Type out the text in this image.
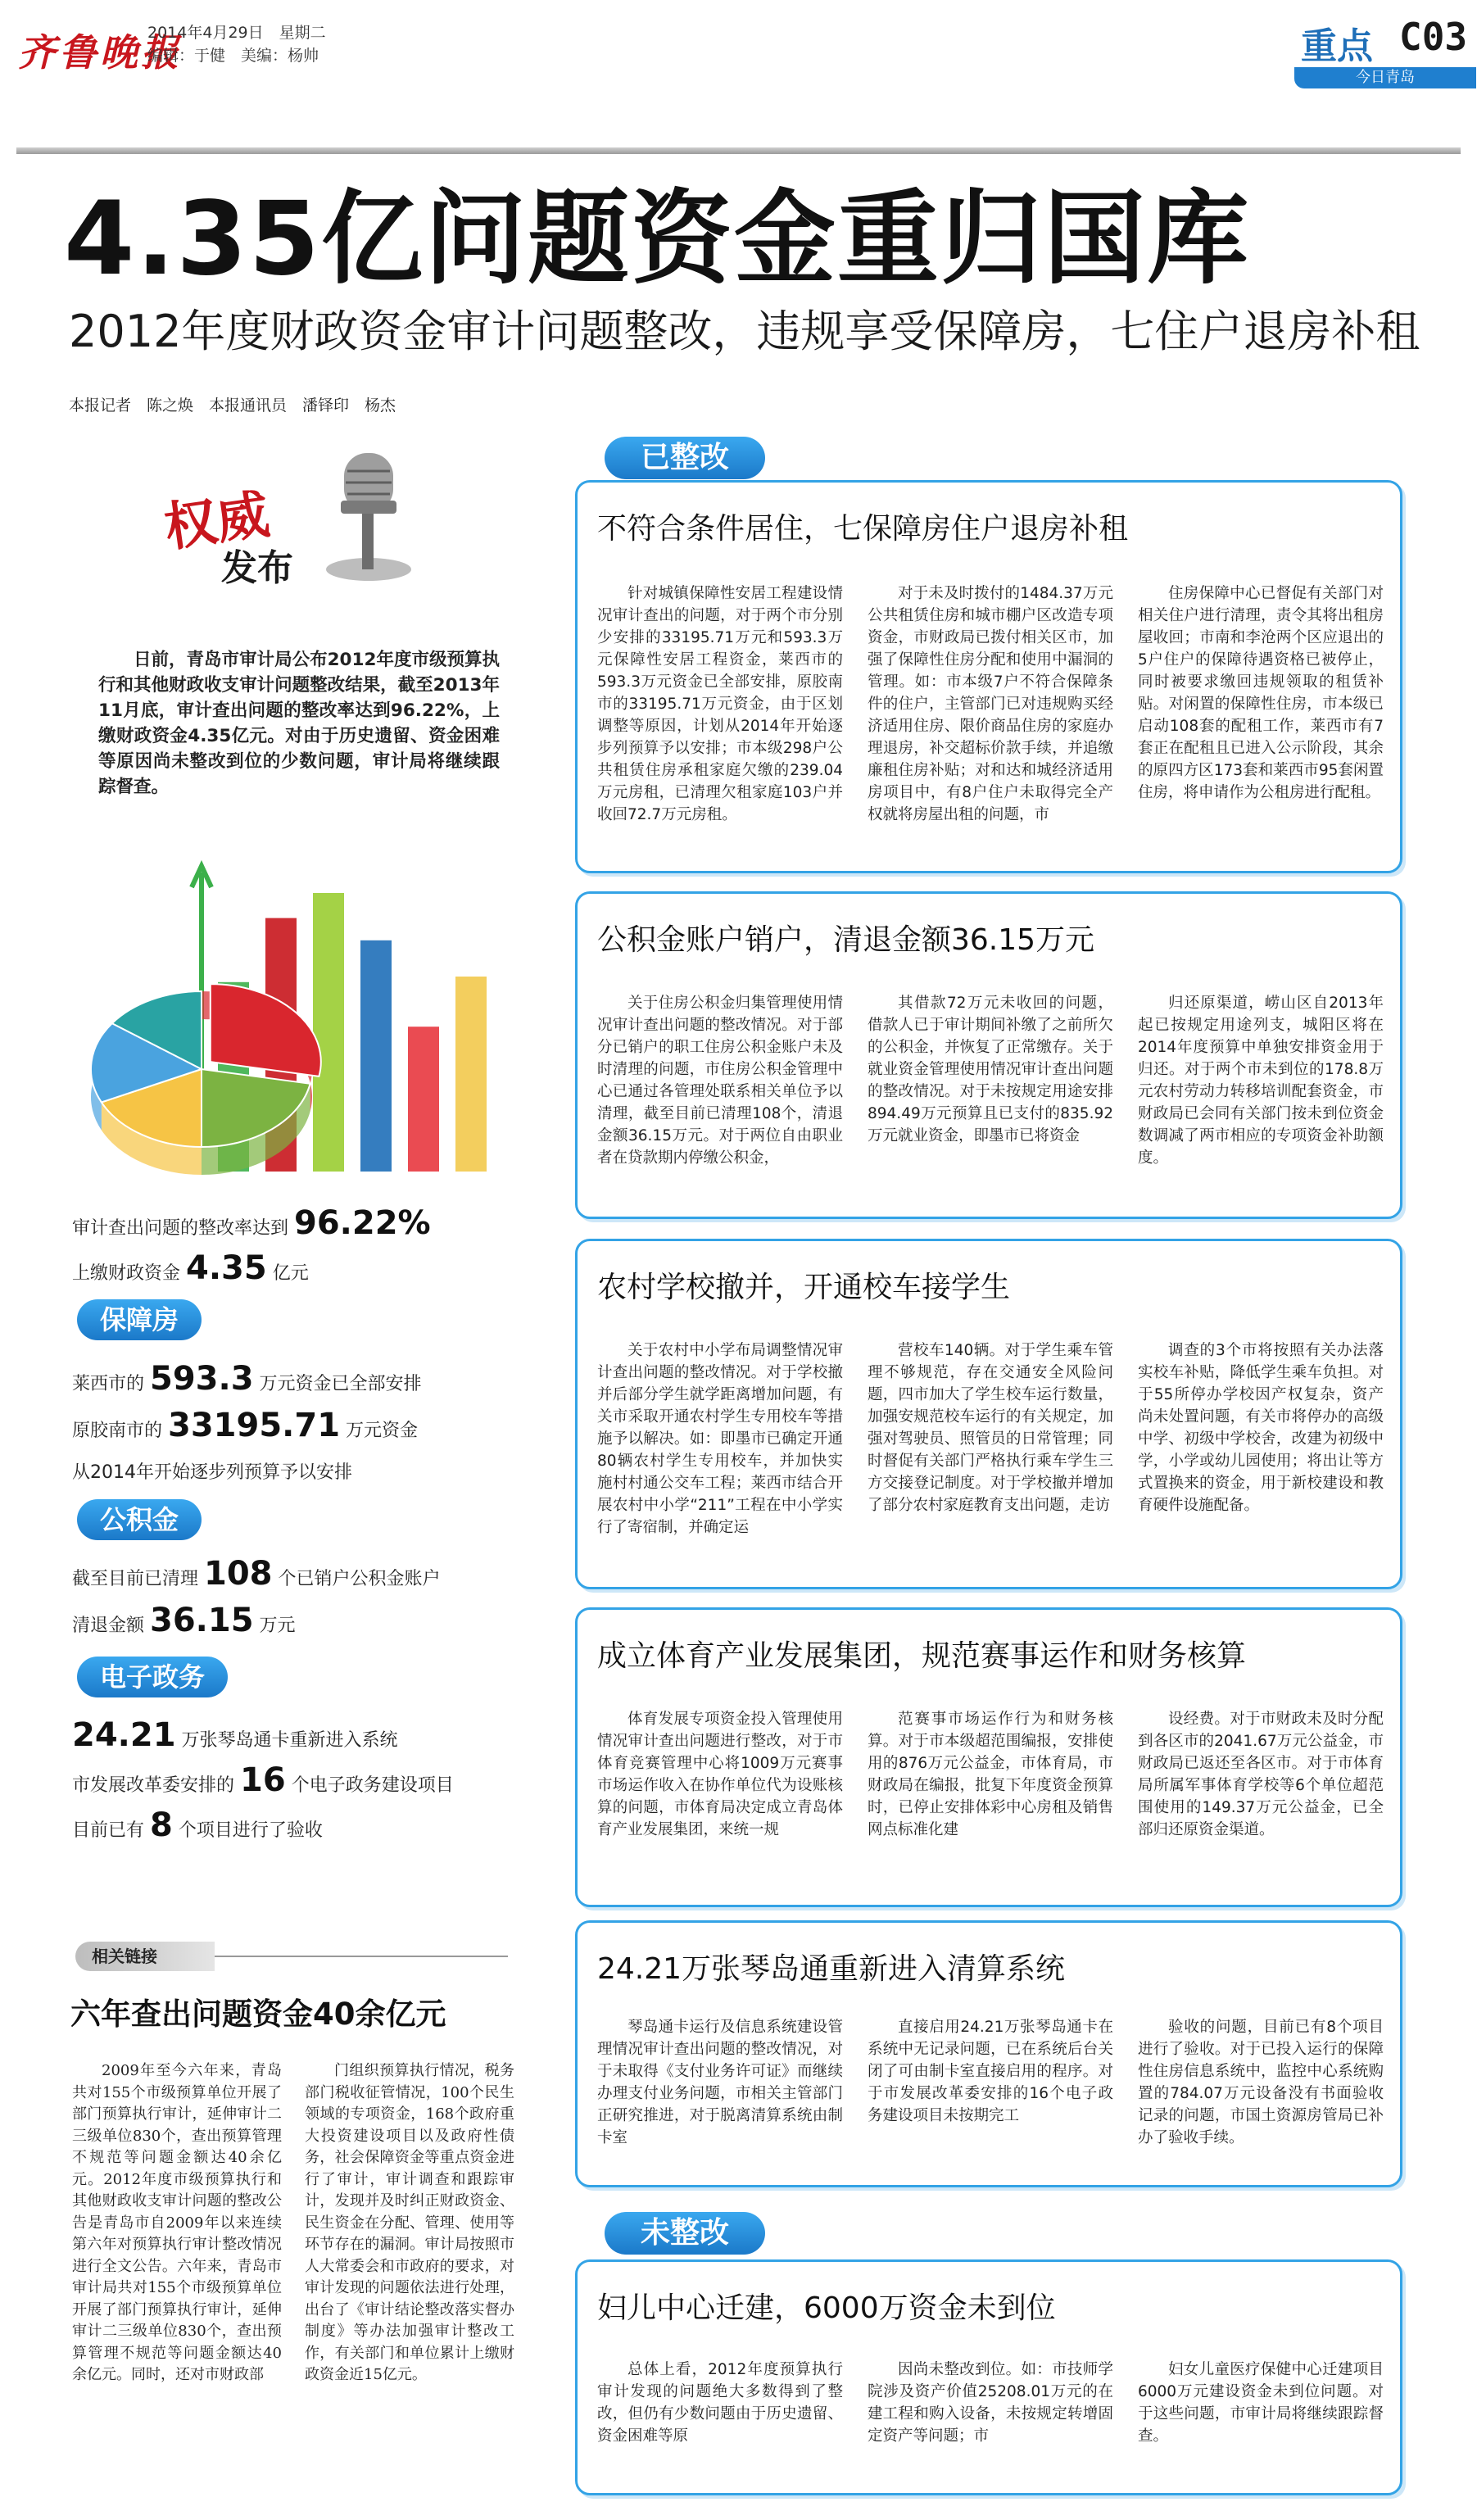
齐鲁晚报
2014年4月29日　星期二
编辑：于健　美编：杨帅	重点 C03
今日青岛
4.35亿问题资金重归国库
2012年度财政资金审计问题整改，违规享受保障房，七住户退房补租
本报记者　陈之焕　本报通讯员　潘铎印　杨杰
权威
发布

日前，青岛市审计局公布2012年度市级预算执行和其他财政收支审计问题整改结果，截至2013年11月底，审计查出问题的整改率达到96.22%，上缴财政资金4.35亿元。对由于历史遗留、资金困难等原因尚未整改到位的少数问题，审计局将继续跟踪督查。

审计查出问题的整改率达到 96.22%
上缴财政资金 4.35 亿元
保障房
莱西市的 593.3 万元资金已全部安排
原胶南市的 33195.71 万元资金
从2014年开始逐步列预算予以安排
公积金
截至目前已清理 108 个已销户公积金账户
清退金额 36.15 万元
电子政务
24.21 万张琴岛通卡重新进入系统
市发展改革委安排的 16 个电子政务建设项目
目前已有 8 个项目进行了验收
相关链接
六年查出问题资金40余亿元

2009年至今六年来，青岛共对155个市级预算单位开展了部门预算执行审计，延伸审计二三级单位830个，查出预算管理不规范等问题金额达40余亿元。2012年度市级预算执行和其他财政收支审计问题的整改公告是青岛市自2009年以来连续第六年对预算执行审计整改情况进行全文公告。六年来，青岛市审计局共对155个市级预算单位开展了部门预算执行审计，延伸审计二三级单位830个，查出预算管理不规范等问题金额达40余亿元。同时，还对市财政部

门组织预算执行情况，税务部门税收征管情况，100个民生领域的专项资金，168个政府重大投资建设项目以及政府性债务，社会保障资金等重点资金进行了审计，审计调查和跟踪审计，发现并及时纠正财政资金、民生资金在分配、管理、使用等环节存在的漏洞。审计局按照市人大常委会和市政府的要求，对审计发现的问题依法进行处理，出台了《审计结论整改落实督办制度》等办法加强审计整改工作，有关部门和单位累计上缴财政资金近15亿元。

已整改
不符合条件居住，七保障房住户退房补租

针对城镇保障性安居工程建设情况审计查出的问题，对于两个市分别少安排的33195.71万元和593.3万元保障性安居工程资金，莱西市的593.3万元资金已全部安排，原胶南市的33195.71万元资金，由于区划调整等原因，计划从2014年开始逐步列预算予以安排；市本级298户公共租赁住房承租家庭欠缴的239.04万元房租，已清理欠租家庭103户并收回72.7万元房租。

对于未及时拨付的1484.37万元公共租赁住房和城市棚户区改造专项资金，市财政局已拨付相关区市，加强了保障性住房分配和使用中漏洞的管理。如：市本级7户不符合保障条件的住户，主管部门已对违规购买经济适用住房、限价商品住房的家庭办理退房，补交超标价款手续，并追缴廉租住房补贴；对和达和城经济适用房项目中，有8户住户未取得完全产权就将房屋出租的问题，市

住房保障中心已督促有关部门对相关住户进行清理，责令其将出租房屋收回；市南和李沧两个区应退出的5户住户的保障待遇资格已被停止，同时被要求缴回违规领取的租赁补贴。对闲置的保障性住房，市本级已启动108套的配租工作，莱西市有7套正在配租且已进入公示阶段，其余的原四方区173套和莱西市95套闲置住房，将申请作为公租房进行配租。

公积金账户销户，清退金额36.15万元

关于住房公积金归集管理使用情况审计查出问题的整改情况。对于部分已销户的职工住房公积金账户未及时清理的问题，市住房公积金管理中心已通过各管理处联系相关单位予以清理，截至目前已清理108个，清退金额36.15万元。对于两位自由职业者在贷款期内停缴公积金，

其借款72万元未收回的问题，借款人已于审计期间补缴了之前所欠的公积金，并恢复了正常缴存。关于就业资金管理使用情况审计查出问题的整改情况。对于未按规定用途安排894.49万元预算且已支付的835.92万元就业资金，即墨市已将资金

归还原渠道，崂山区自2013年起已按规定用途列支，城阳区将在2014年度预算中单独安排资金用于归还。对于两个市未到位的178.8万元农村劳动力转移培训配套资金，市财政局已会同有关部门按未到位资金数调减了两市相应的专项资金补助额度。

农村学校撤并，开通校车接学生

关于农村中小学布局调整情况审计查出问题的整改情况。对于学校撤并后部分学生就学距离增加问题，有关市采取开通农村学生专用校车等措施予以解决。如：即墨市已确定开通80辆农村学生专用校车，并加快实施村村通公交车工程；莱西市结合开展农村中小学“211”工程在中小学实行了寄宿制，并确定运

营校车140辆。对于学生乘车管理不够规范，存在交通安全风险问题，四市加大了学生校车运行数量，加强安规范校车运行的有关规定，加强对驾驶员、照管员的日常管理；同时督促有关部门严格执行乘车学生三方交接登记制度。对于学校撤并增加了部分农村家庭教育支出问题，走访

调查的3个市将按照有关办法落实校车补贴，降低学生乘车负担。对于55所停办学校因产权复杂，资产尚未处置问题，有关市将停办的高级中学、初级中学校舍，改建为初级中学，小学或幼儿园使用；将出让等方式置换来的资金，用于新校建设和教育硬件设施配备。

成立体育产业发展集团，规范赛事运作和财务核算

体育发展专项资金投入管理使用情况审计查出问题进行整改，对于市体育竞赛管理中心将1009万元赛事市场运作收入在协作单位代为设账核算的问题，市体育局决定成立青岛体育产业发展集团，来统一规

范赛事市场运作行为和财务核算。对于市本级超范围编报，安排使用的876万元公益金，市体育局，市财政局在编报，批复下年度资金预算时，已停止安排体彩中心房租及销售网点标准化建

设经费。对于市财政未及时分配到各区市的2041.67万元公益金，市财政局已返还至各区市。对于市体育局所属军事体育学校等6个单位超范围使用的149.37万元公益金，已全部归还原资金渠道。

24.21万张琴岛通重新进入清算系统

琴岛通卡运行及信息系统建设管理情况审计查出问题的整改情况，对于未取得《支付业务许可证》而继续办理支付业务问题，市相关主管部门正研究推进，对于脱离清算系统由制卡室

直接启用24.21万张琴岛通卡在系统中无记录问题，已在系统后台关闭了可由制卡室直接启用的程序。对于市发展改革委安排的16个电子政务建设项目未按期完工

验收的问题，目前已有8个项目进行了验收。对于已投入运行的保障性住房信息系统中，监控中心系统购置的784.07万元设备没有书面验收记录的问题，市国土资源房管局已补办了验收手续。

未整改
妇儿中心迁建，6000万资金未到位

总体上看，2012年度预算执行审计发现的问题绝大多数得到了整改，但仍有少数问题由于历史遗留、资金困难等原

因尚未整改到位。如：市技师学院涉及资产价值25208.01万元的在建工程和购入设备，未按规定转增固定资产等问题；市

妇女儿童医疗保健中心迁建项目6000万元建设资金未到位问题。对于这些问题，市审计局将继续跟踪督查。
